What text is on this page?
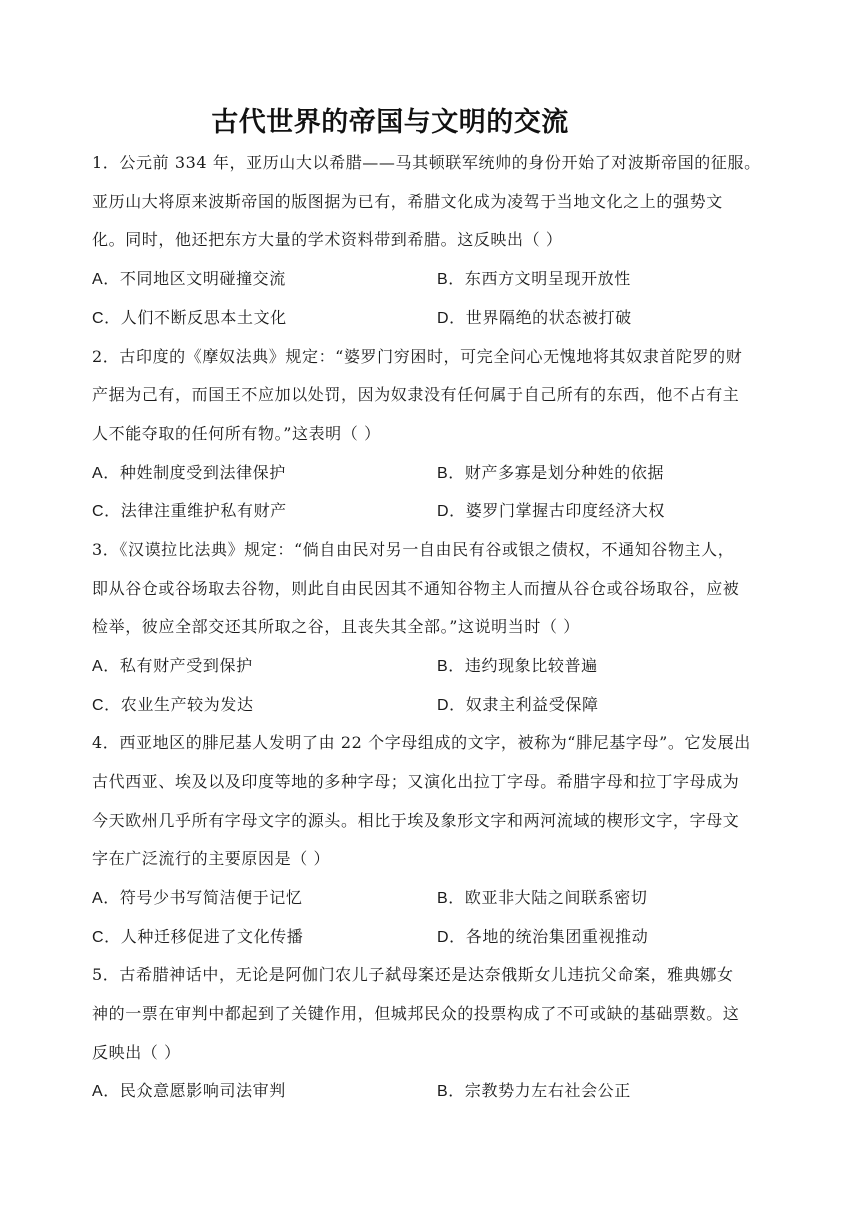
古代世界的帝国与文明的交流
1．公元前 334 年，亚历山大以希腊——马其顿联军统帅的身份开始了对波斯帝国的征服。
亚历山大将原来波斯帝国的版图据为已有，希腊文化成为凌驾于当地文化之上的强势文
化。同时，他还把东方大量的学术资料带到希腊。这反映出（ ）
A．不同地区文明碰撞交流	B．东西方文明呈现开放性
C．人们不断反思本土文化	D．世界隔绝的状态被打破
2．古印度的《摩奴法典》规定：“婆罗门穷困时，可完全问心无愧地将其奴隶首陀罗的财
产据为己有，而国王不应加以处罚，因为奴隶没有任何属于自己所有的东西，他不占有主
人不能夺取的任何所有物。”这表明（ ）
A．种姓制度受到法律保护	B．财产多寡是划分种姓的依据
C．法律注重维护私有财产	D．婆罗门掌握古印度经济大权
3．《汉谟拉比法典》规定：“倘自由民对另一自由民有谷或银之债权，不通知谷物主人，
即从谷仓或谷场取去谷物，则此自由民因其不通知谷物主人而擅从谷仓或谷场取谷，应被
检举，彼应全部交还其所取之谷，且丧失其全部。”这说明当时（ ）
A．私有财产受到保护	B．违约现象比较普遍
C．农业生产较为发达	D．奴隶主利益受保障
4．西亚地区的腓尼基人发明了由 22 个字母组成的文字，被称为“腓尼基字母”。它发展出
古代西亚、埃及以及印度等地的多种字母；又演化出拉丁字母。希腊字母和拉丁字母成为
今天欧州几乎所有字母文字的源头。相比于埃及象形文字和两河流域的楔形文字，字母文
字在广泛流行的主要原因是（ ）
A．符号少书写简洁便于记忆	B．欧亚非大陆之间联系密切
C．人种迁移促进了文化传播	D．各地的统治集团重视推动
5．古希腊神话中，无论是阿伽门农儿子弑母案还是达奈俄斯女儿违抗父命案，雅典娜女
神的一票在审判中都起到了关键作用，但城邦民众的投票构成了不可或缺的基础票数。这
反映出（ ）
A．民众意愿影响司法审判	B．宗教势力左右社会公正
